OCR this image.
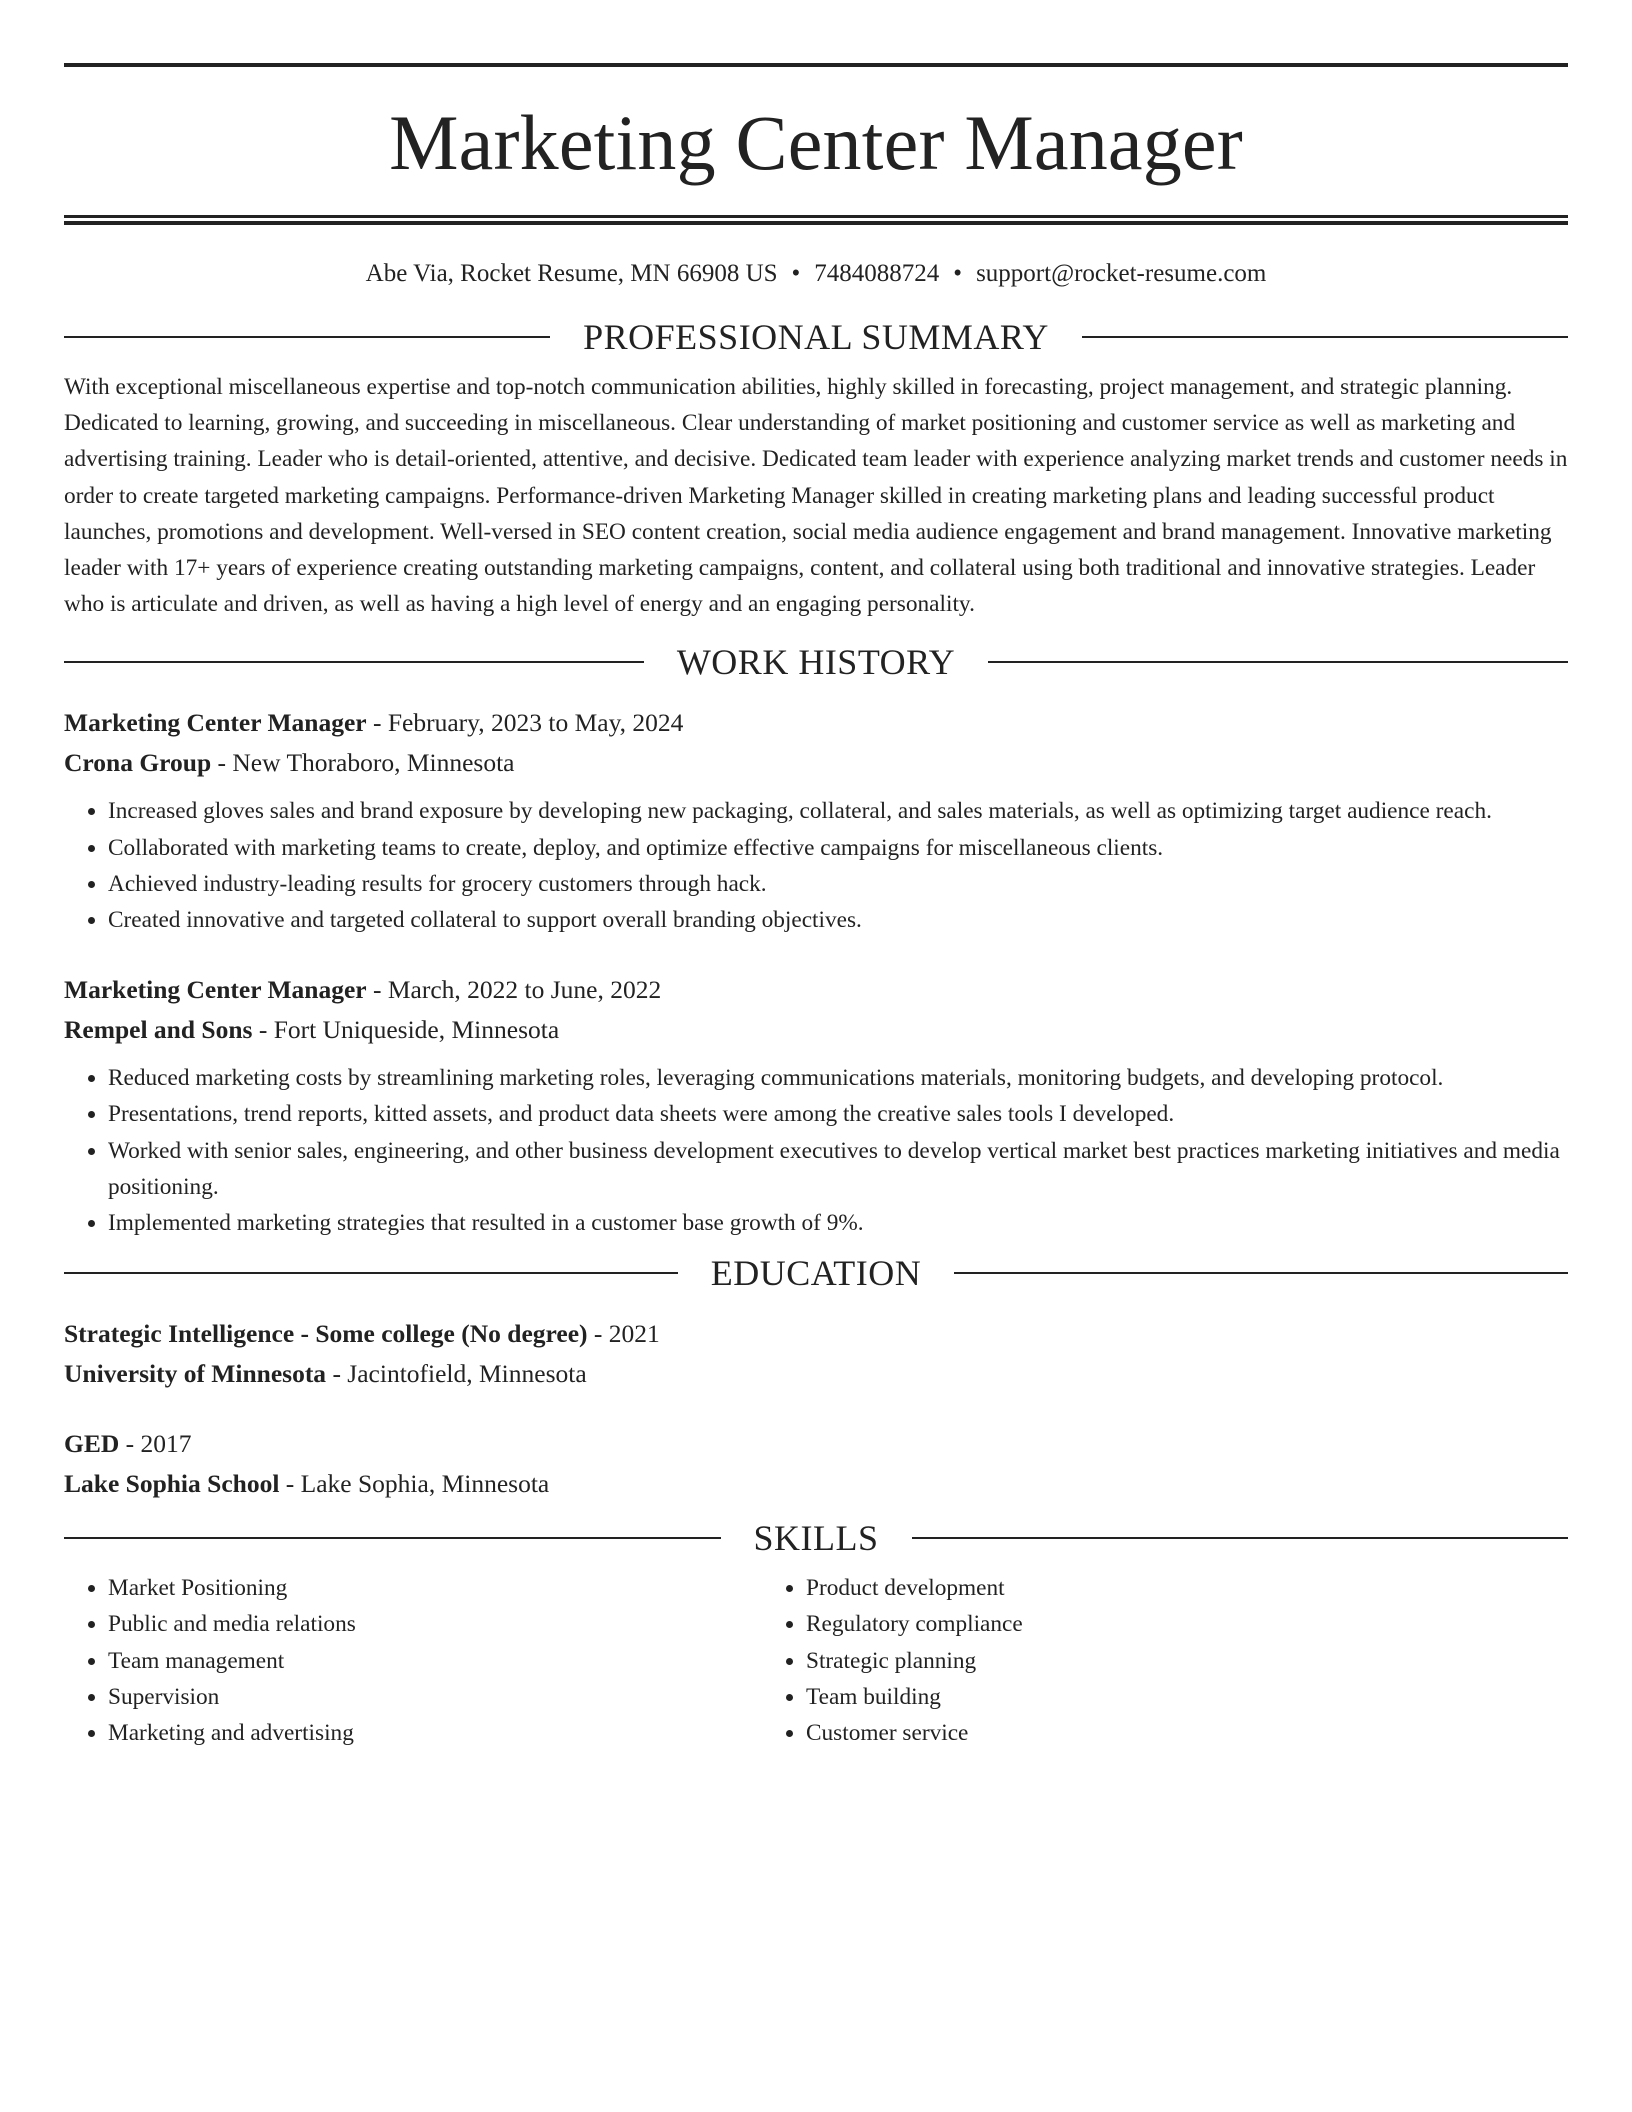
Marketing Center Manager
Abe Via, Rocket Resume, MN 66908 US • 7484088724 • support@rocket-resume.com
PROFESSIONAL SUMMARY

With exceptional miscellaneous expertise and top-notch communication abilities, highly skilled in forecasting, project management, and strategic planning. Dedicated to learning, growing, and succeeding in miscellaneous. Clear understanding of market positioning and customer service as well as marketing and advertising training. Leader who is detail-oriented, attentive, and decisive. Dedicated team leader with experience analyzing market trends and customer needs in order to create targeted marketing campaigns. Performance-driven Marketing Manager skilled in creating marketing plans and leading successful product launches, promotions and development. Well-versed in SEO content creation, social media audience engagement and brand management. Innovative marketing leader with 17+ years of experience creating outstanding marketing campaigns, content, and collateral using both traditional and innovative strategies. Leader who is articulate and driven, as well as having a high level of energy and an engaging personality.

WORK HISTORY
Marketing Center Manager - February, 2023 to May, 2024
Crona Group - New Thoraboro, Minnesota
• Increased gloves sales and brand exposure by developing new packaging, collateral, and sales materials, as well as optimizing target audience reach.
• Collaborated with marketing teams to create, deploy, and optimize effective campaigns for miscellaneous clients.
• Achieved industry-leading results for grocery customers through hack.
• Created innovative and targeted collateral to support overall branding objectives.
Marketing Center Manager - March, 2022 to June, 2022
Rempel and Sons - Fort Uniqueside, Minnesota
• Reduced marketing costs by streamlining marketing roles, leveraging communications materials, monitoring budgets, and developing protocol.
• Presentations, trend reports, kitted assets, and product data sheets were among the creative sales tools I developed.
• Worked with senior sales, engineering, and other business development executives to develop vertical market best practices marketing initiatives and media positioning.
• Implemented marketing strategies that resulted in a customer base growth of 9%.
EDUCATION
Strategic Intelligence - Some college (No degree) - 2021
University of Minnesota - Jacintofield, Minnesota
GED - 2017
Lake Sophia School - Lake Sophia, Minnesota
SKILLS
• Market Positioning
• Public and media relations
• Team management
• Supervision
• Marketing and advertising
• Product development
• Regulatory compliance
• Strategic planning
• Team building
• Customer service
